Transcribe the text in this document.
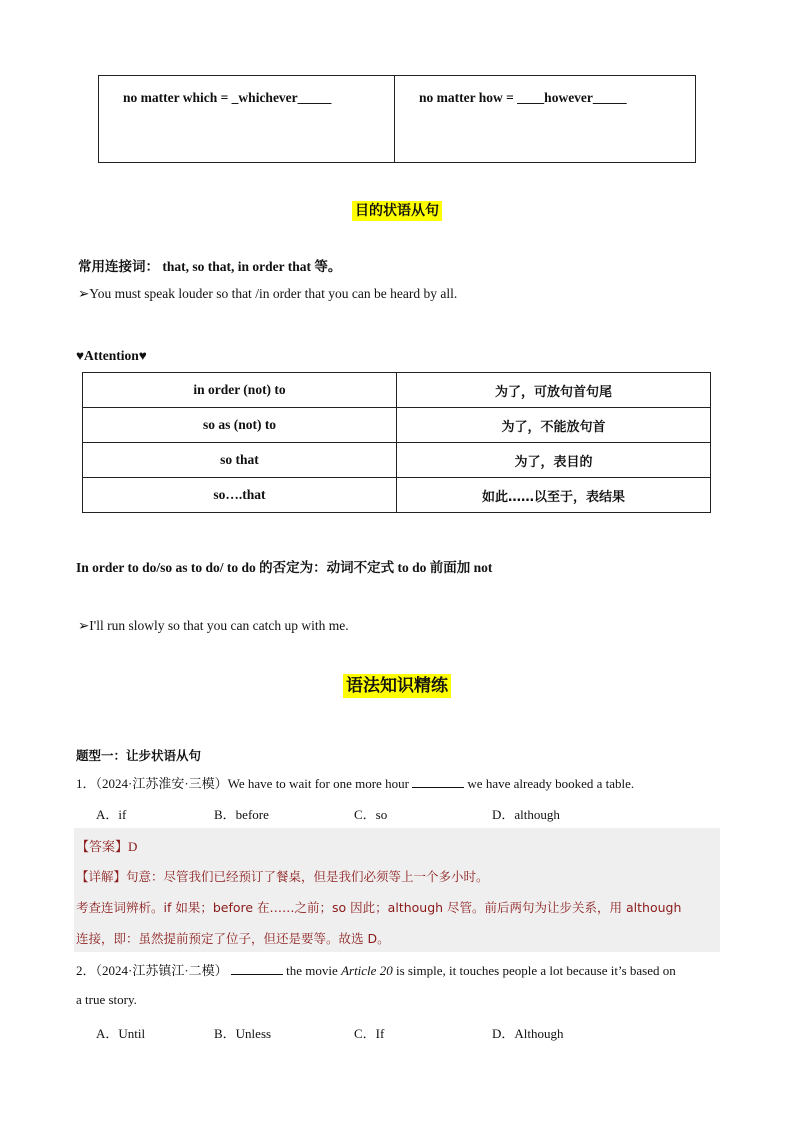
no matter which = _whichever_____	no matter how = ____however_____
目的状语从句
常用连接词： that, so that, in order that 等。
➢You must speak louder so that /in order that you can be heard by all.
♥Attention♥
in order (not) to	为了，可放句首句尾
so as (not) to	为了，不能放句首
so that	为了，表目的
so….that	如此……以至于，表结果
In order to do/so as to do/ to do 的否定为：动词不定式 to do 前面加 not
➢I'll run slowly so that you can catch up with me.
语法知识精练
题型一：让步状语从句
1．（2024·江苏淮安·三模）We have to wait for one more hour	we have already booked a table.
A．if	B．before	C．so	D．although
【答案】D
【详解】句意：尽管我们已经预订了餐桌，但是我们必须等上一个多小时。
考查连词辨析。if 如果；before 在……之前；so 因此；although 尽管。前后两句为让步关系，用 although
连接，即：虽然提前预定了位子，但还是要等。故选 D。
2．（2024·江苏镇江·二模）	the movie Article 20 is simple, it touches people a lot because it’s based on
a true story.
A．Until	B．Unless	C．If	D．Although
